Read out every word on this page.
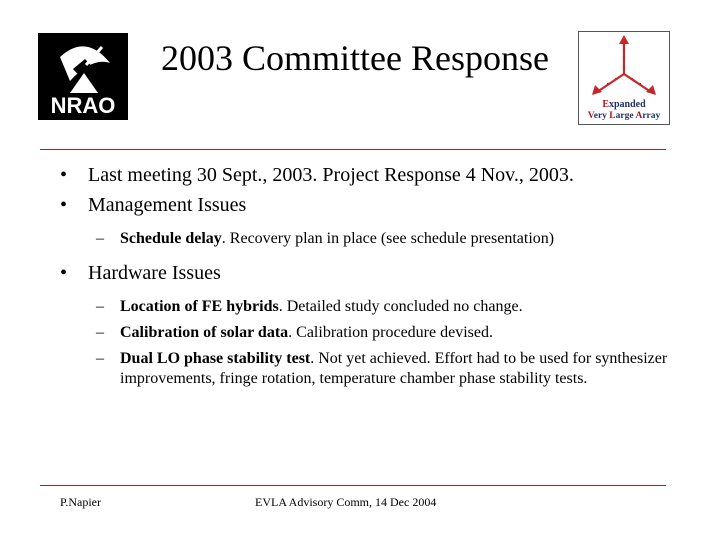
NRAO
2003 Committee Response
Expanded
Very Large Array
• Last meeting 30 Sept., 2003. Project Response 4 Nov., 2003.
• Management Issues
– Schedule delay. Recovery plan in place (see schedule presentation)
• Hardware Issues
– Location of FE hybrids. Detailed study concluded no change.
– Calibration of solar data. Calibration procedure devised.
– Dual LO phase stability test. Not yet achieved. Effort had to be used for synthesizer improvements, fringe rotation, temperature chamber phase stability tests.
P.Napier	EVLA Advisory Comm, 14 Dec 2004
